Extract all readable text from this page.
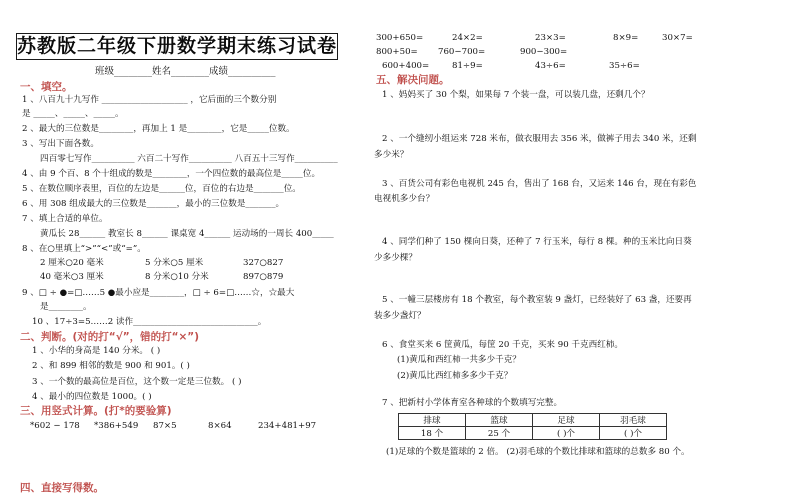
苏教版二年级下册数学期末练习试卷
班级________姓名________成绩__________
一、填空。
1 、八百九十九写作 ____________________ ，它后面的三个数分别
是 _____、_____、_____。
2 、最大的三位数是________，再加上 1 是________，它是_____位数。
3 、写出下面各数。
四百零七写作__________ 六百二十写作__________ 八百五十三写作__________
4 、由 9 个百、8 个十组成的数是________，一个四位数的最高位是_____位。
5 、在数位顺序表里，百位的左边是______位，百位的右边是_______位。
6 、用 308 组成最大的三位数是_______，最小的三位数是_______。
7 、填上合适的单位。
黄瓜长 28______ 教室长 8______ 课桌宽 4______ 运动场的一周长 400_____
8 、在○里填上“>”“<”或“=”。
2 厘米○20 毫米	5 分米○5 厘米	327○827
40 毫米○3 厘米	8 分米○10 分米	897○879
9 、□ ÷ ●=□……5 ●最小应是________，□ ÷ 6=□……☆，☆最大
是________。
10 、17÷3=5……2 读作_____________________________。
二、判断。(对的打“√”，错的打“×”)
1 、小华的身高是 140 分米。 ( )
2 、和 899 相邻的数是 900 和 901。( )
3 、一个数的最高位是百位，这个数一定是三位数。 ( )
4 、最小的四位数是 1000。( )
三、用竖式计算。(打*的要验算)
*602 − 178 *386+549 87×5	8×64	234+481+97
四、直接写得数。
300+650=	24×2=	23×3=	8×9=	30×7=
800+50= 760−700=	900−300=
600+400=	81÷9=	43÷6=	35÷6=
五、解决问题。
1 、妈妈买了 30 个梨，如果每 7 个装一盘，可以装几盘，还剩几个？
2 、一个缝纫小组运来 728 米布，做衣服用去 356 米，做裤子用去 340 米，还剩
多少米？
3 、百货公司有彩色电视机 245 台，售出了 168 台，又运来 146 台，现在有彩色
电视机多少台？
4 、同学们种了 150 棵向日葵，还种了 7 行玉米，每行 8 棵。种的玉米比向日葵
少多少棵？
5 、一幢三层楼房有 18 个教室，每个教室装 9 盏灯，已经装好了 63 盏，还要再
装多少盏灯？
6 、食堂买来 6 筐黄瓜，每筐 20 千克，买来 90 千克西红柿。
(1)黄瓜和西红柿一共多少千克？
(2)黄瓜比西红柿多多少千克？
7 、把新村小学体育室各种球的个数填写完整。
排球	篮球	足球	羽毛球
18 个	25 个	( )个	( )个
(1)足球的个数是篮球的 2 倍。 (2)羽毛球的个数比排球和篮球的总数多 80 个。
